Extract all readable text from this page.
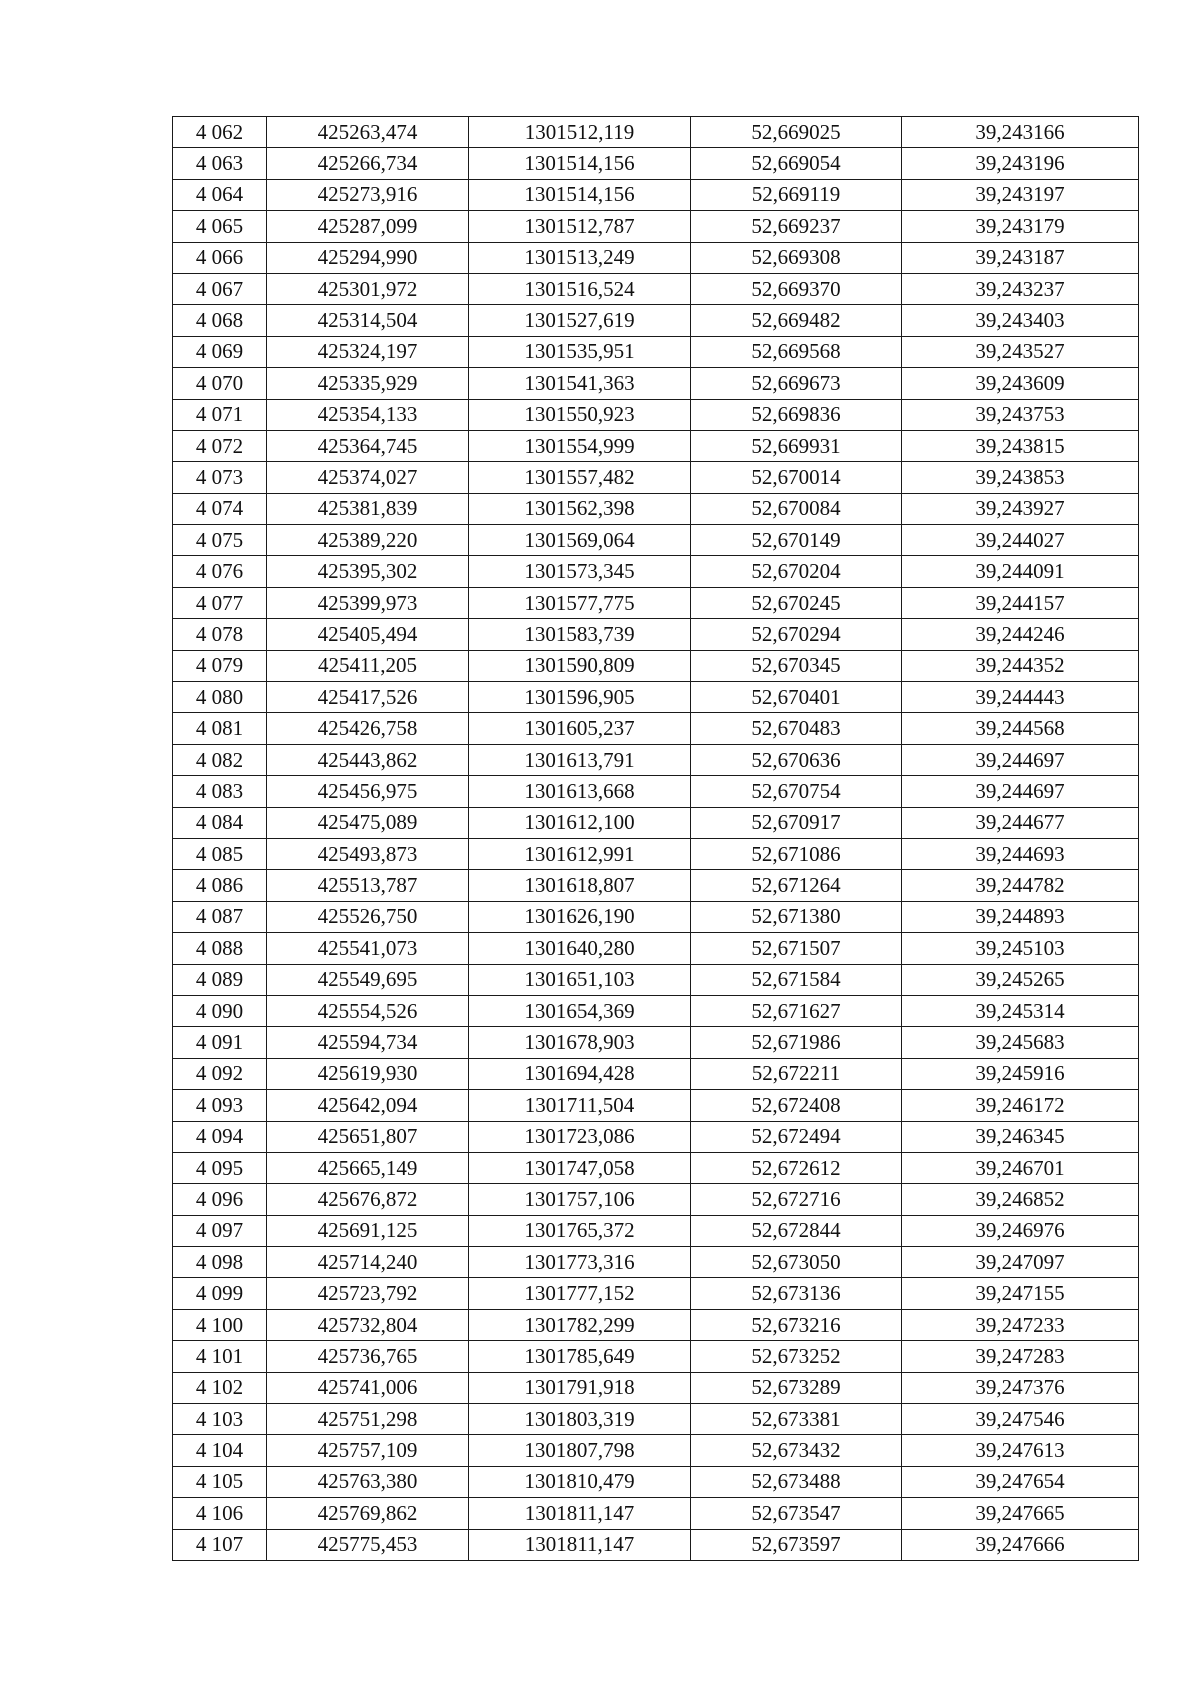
4 062	425263,474	1301512,119	52,669025	39,243166
4 063	425266,734	1301514,156	52,669054	39,243196
4 064	425273,916	1301514,156	52,669119	39,243197
4 065	425287,099	1301512,787	52,669237	39,243179
4 066	425294,990	1301513,249	52,669308	39,243187
4 067	425301,972	1301516,524	52,669370	39,243237
4 068	425314,504	1301527,619	52,669482	39,243403
4 069	425324,197	1301535,951	52,669568	39,243527
4 070	425335,929	1301541,363	52,669673	39,243609
4 071	425354,133	1301550,923	52,669836	39,243753
4 072	425364,745	1301554,999	52,669931	39,243815
4 073	425374,027	1301557,482	52,670014	39,243853
4 074	425381,839	1301562,398	52,670084	39,243927
4 075	425389,220	1301569,064	52,670149	39,244027
4 076	425395,302	1301573,345	52,670204	39,244091
4 077	425399,973	1301577,775	52,670245	39,244157
4 078	425405,494	1301583,739	52,670294	39,244246
4 079	425411,205	1301590,809	52,670345	39,244352
4 080	425417,526	1301596,905	52,670401	39,244443
4 081	425426,758	1301605,237	52,670483	39,244568
4 082	425443,862	1301613,791	52,670636	39,244697
4 083	425456,975	1301613,668	52,670754	39,244697
4 084	425475,089	1301612,100	52,670917	39,244677
4 085	425493,873	1301612,991	52,671086	39,244693
4 086	425513,787	1301618,807	52,671264	39,244782
4 087	425526,750	1301626,190	52,671380	39,244893
4 088	425541,073	1301640,280	52,671507	39,245103
4 089	425549,695	1301651,103	52,671584	39,245265
4 090	425554,526	1301654,369	52,671627	39,245314
4 091	425594,734	1301678,903	52,671986	39,245683
4 092	425619,930	1301694,428	52,672211	39,245916
4 093	425642,094	1301711,504	52,672408	39,246172
4 094	425651,807	1301723,086	52,672494	39,246345
4 095	425665,149	1301747,058	52,672612	39,246701
4 096	425676,872	1301757,106	52,672716	39,246852
4 097	425691,125	1301765,372	52,672844	39,246976
4 098	425714,240	1301773,316	52,673050	39,247097
4 099	425723,792	1301777,152	52,673136	39,247155
4 100	425732,804	1301782,299	52,673216	39,247233
4 101	425736,765	1301785,649	52,673252	39,247283
4 102	425741,006	1301791,918	52,673289	39,247376
4 103	425751,298	1301803,319	52,673381	39,247546
4 104	425757,109	1301807,798	52,673432	39,247613
4 105	425763,380	1301810,479	52,673488	39,247654
4 106	425769,862	1301811,147	52,673547	39,247665
4 107	425775,453	1301811,147	52,673597	39,247666
